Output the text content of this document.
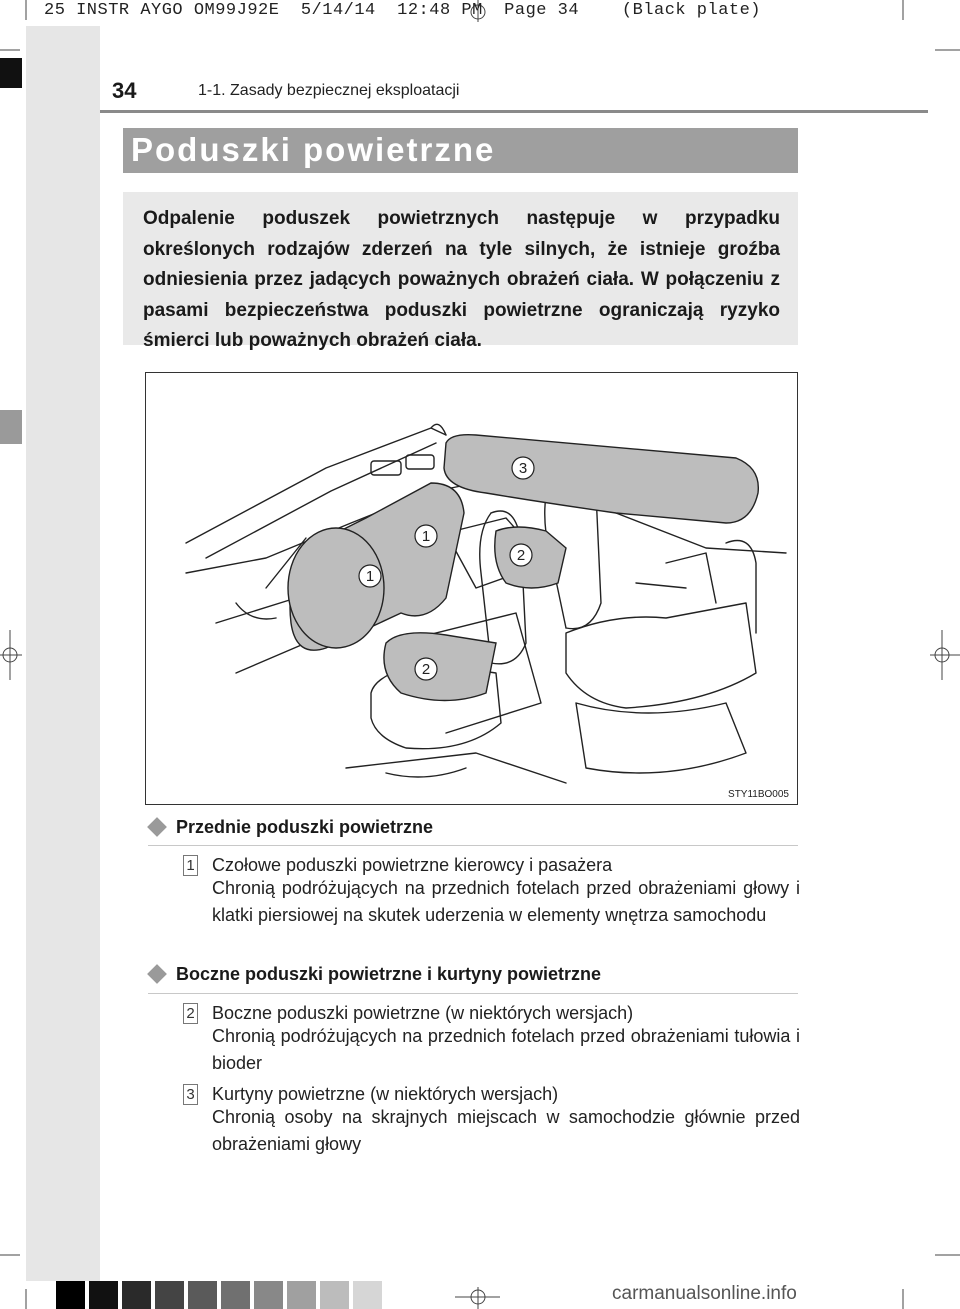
25 INSTR AYGO OM99J92E  5/14/14  12:48 PM  Page 34    (Black plate)
34	1-1. Zasady bezpiecznej eksploatacji
Poduszki powietrzne

Odpalenie poduszek powietrznych następuje w przypadku określonych rodzajów zderzeń na tyle silnych, że istnieje groźba odniesienia przez jadących poważnych obrażeń ciała. W połączeniu z pasami bezpieczeństwa poduszki powietrzne ograniczają ryzyko śmierci lub poważnych obrażeń ciała.

1
1
2
2
3
STY11BO005
Przednie poduszki powietrzne
1 Czołowe poduszki powietrzne kierowcy i pasażera
Chronią podróżujących na przednich fotelach przed obrażeniami głowy i klatki piersiowej na skutek uderzenia w elementy wnętrza samochodu
Boczne poduszki powietrzne i kurtyny powietrzne
2 Boczne poduszki powietrzne (w niektórych wersjach)
Chronią podróżujących na przednich fotelach przed obrażeniami tułowia i bioder
3 Kurtyny powietrzne (w niektórych wersjach)
Chronią osoby na skrajnych miejscach w samochodzie głównie przed obrażeniami głowy
carmanualsonline.info
